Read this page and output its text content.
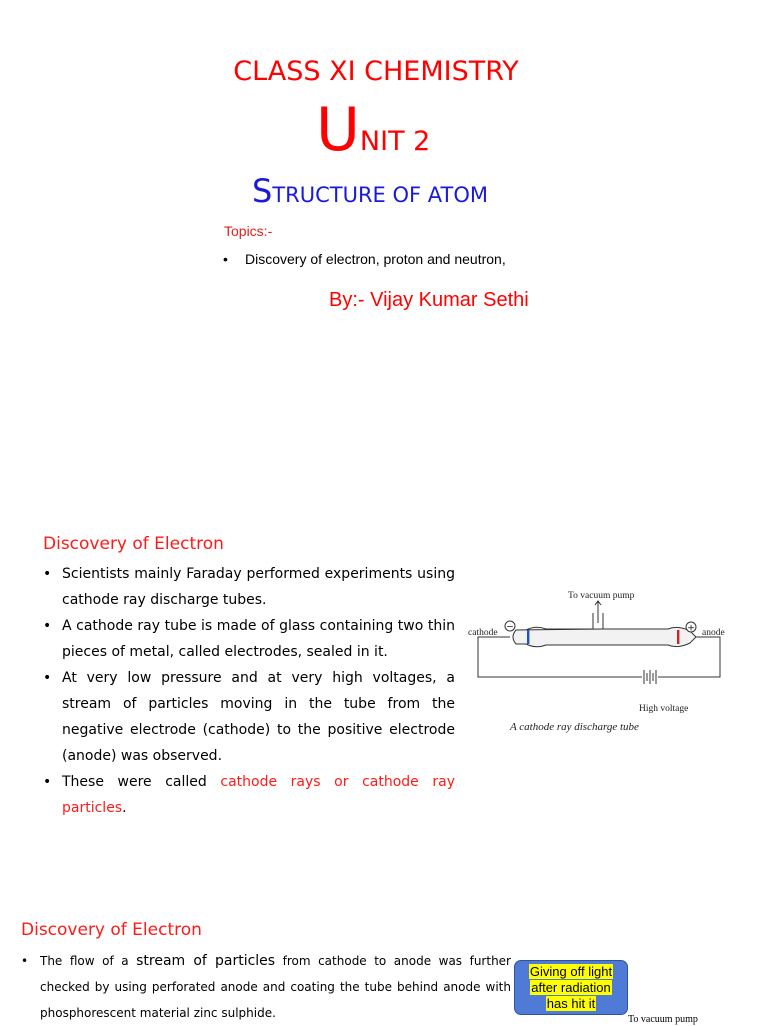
CLASS XI CHEMISTRY
UNIT 2
STRUCTURE OF ATOM
Topics:-
• Discovery of electron, proton and neutron,
By:- Vijay Kumar Sethi
Discovery of Electron
• Scientists mainly Faraday performed experiments using cathode ray discharge tubes.
• A cathode ray tube is made of glass containing two thin pieces of metal, called electrodes, sealed in it.
• At very low pressure and at very high voltages, a stream of particles moving in the tube from the negative electrode (cathode) to the positive electrode (anode) was observed.
• These were called cathode rays or cathode ray particles.
To vacuum pump
cathode	anode
High voltage
A cathode ray discharge tube
−	+
Discovery of Electron
• The flow of a stream of particles from cathode to anode was further checked by using perforated anode and coating the tube behind anode with phosphorescent material zinc sulphide.
Giving off light
after radiation
has hit it
To vacuum pump
